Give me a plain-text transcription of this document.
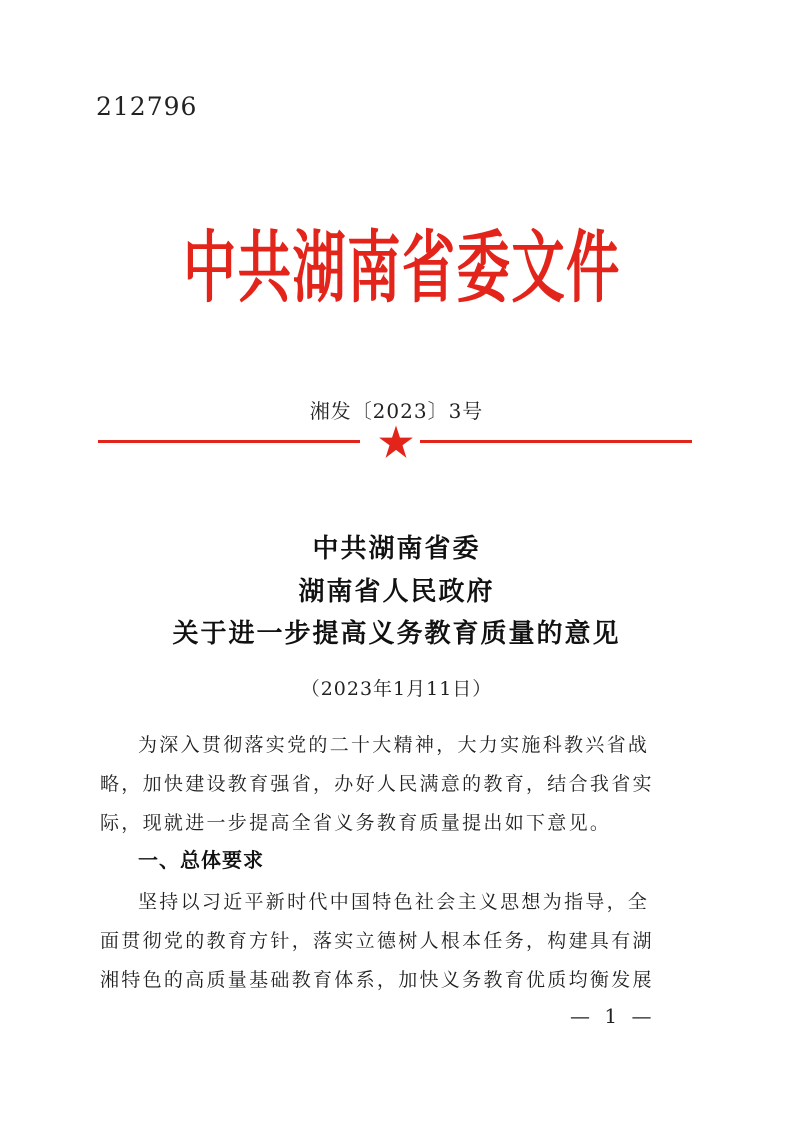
212796
中共湖南省委文件
湘发〔2023〕3号
中共湖南省委
湖南省人民政府
关于进一步提高义务教育质量的意见
（2023年1月11日）
为深入贯彻落实党的二十大精神，大力实施科教兴省战
略，加快建设教育强省，办好人民满意的教育，结合我省实
际，现就进一步提高全省义务教育质量提出如下意见。
一、总体要求
坚持以习近平新时代中国特色社会主义思想为指导，全
面贯彻党的教育方针，落实立德树人根本任务，构建具有湖
湘特色的高质量基础教育体系，加快义务教育优质均衡发展
— 1 —
